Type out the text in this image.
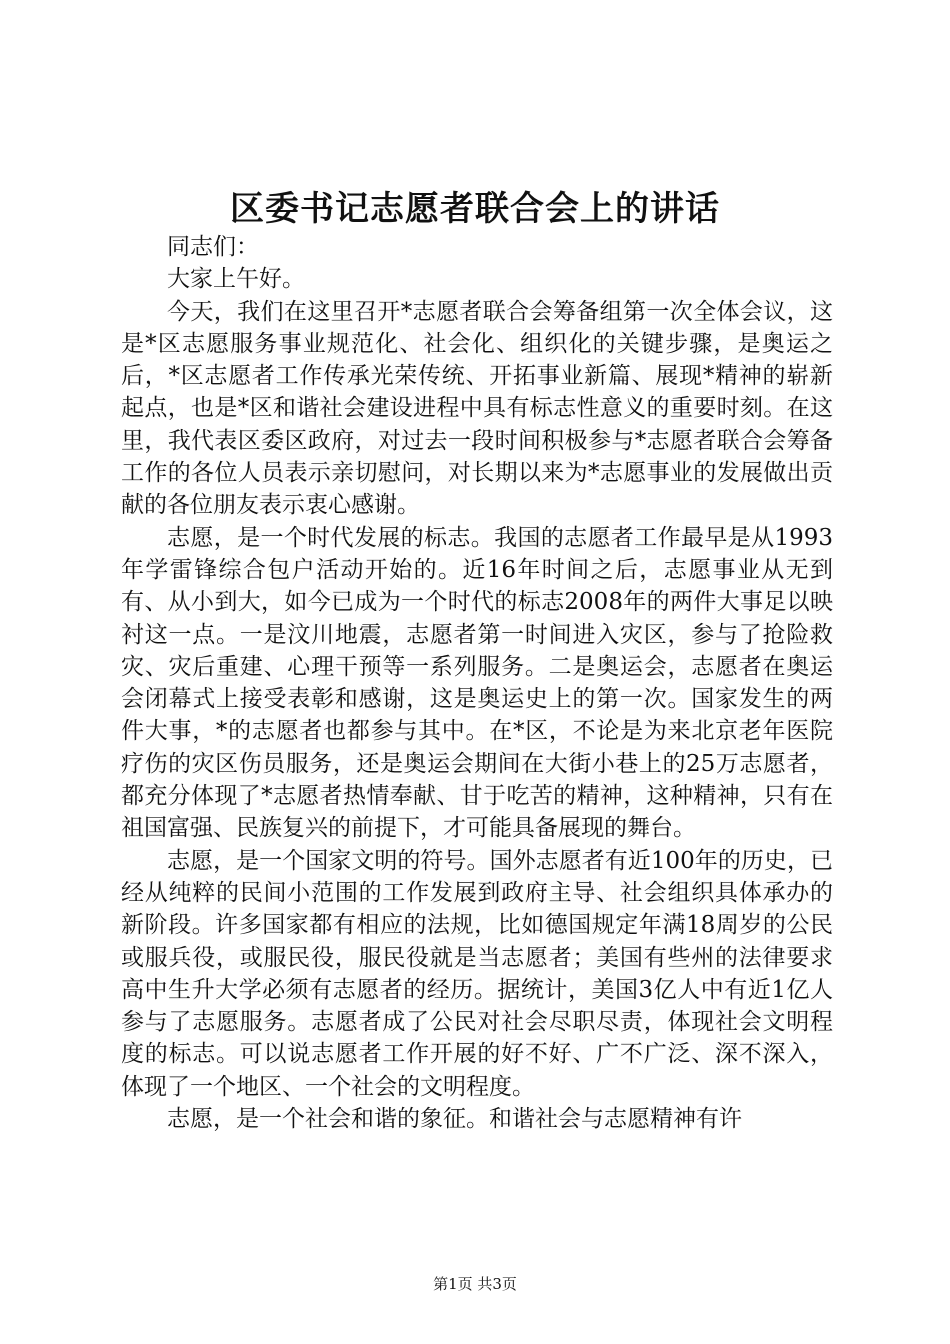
区委书记志愿者联合会上的讲话

同志们：

大家上午好。

今天，我们在这里召开*志愿者联合会筹备组第一次全体会议，这是*区志愿服务事业规范化、社会化、组织化的关键步骤，是奥运之后，*区志愿者工作传承光荣传统、开拓事业新篇、展现*精神的崭新起点，也是*区和谐社会建设进程中具有标志性意义的重要时刻。在这里，我代表区委区政府，对过去一段时间积极参与*志愿者联合会筹备工作的各位人员表示亲切慰问，对长期以来为*志愿事业的发展做出贡献的各位朋友表示衷心感谢。

志愿，是一个时代发展的标志。我国的志愿者工作最早是从1993年学雷锋综合包户活动开始的。近16年时间之后，志愿事业从无到有、从小到大，如今已成为一个时代的标志2008年的两件大事足以映衬这一点。一是汶川地震，志愿者第一时间进入灾区，参与了抢险救灾、灾后重建、心理干预等一系列服务。二是奥运会，志愿者在奥运会闭幕式上接受表彰和感谢，这是奥运史上的第一次。国家发生的两件大事，*的志愿者也都参与其中。在*区，不论是为来北京老年医院疗伤的灾区伤员服务，还是奥运会期间在大街小巷上的25万志愿者，都充分体现了*志愿者热情奉献、甘于吃苦的精神，这种精神，只有在祖国富强、民族复兴的前提下，才可能具备展现的舞台。

志愿，是一个国家文明的符号。国外志愿者有近100年的历史，已经从纯粹的民间小范围的工作发展到政府主导、社会组织具体承办的新阶段。许多国家都有相应的法规，比如德国规定年满18周岁的公民或服兵役，或服民役，服民役就是当志愿者；美国有些州的法律要求高中生升大学必须有志愿者的经历。据统计，美国3亿人中有近1亿人参与了志愿服务。志愿者成了公民对社会尽职尽责，体现社会文明程度的标志。可以说志愿者工作开展的好不好、广不广泛、深不深入，体现了一个地区、一个社会的文明程度。

志愿，是一个社会和谐的象征。和谐社会与志愿精神有许

第1页 共3页
